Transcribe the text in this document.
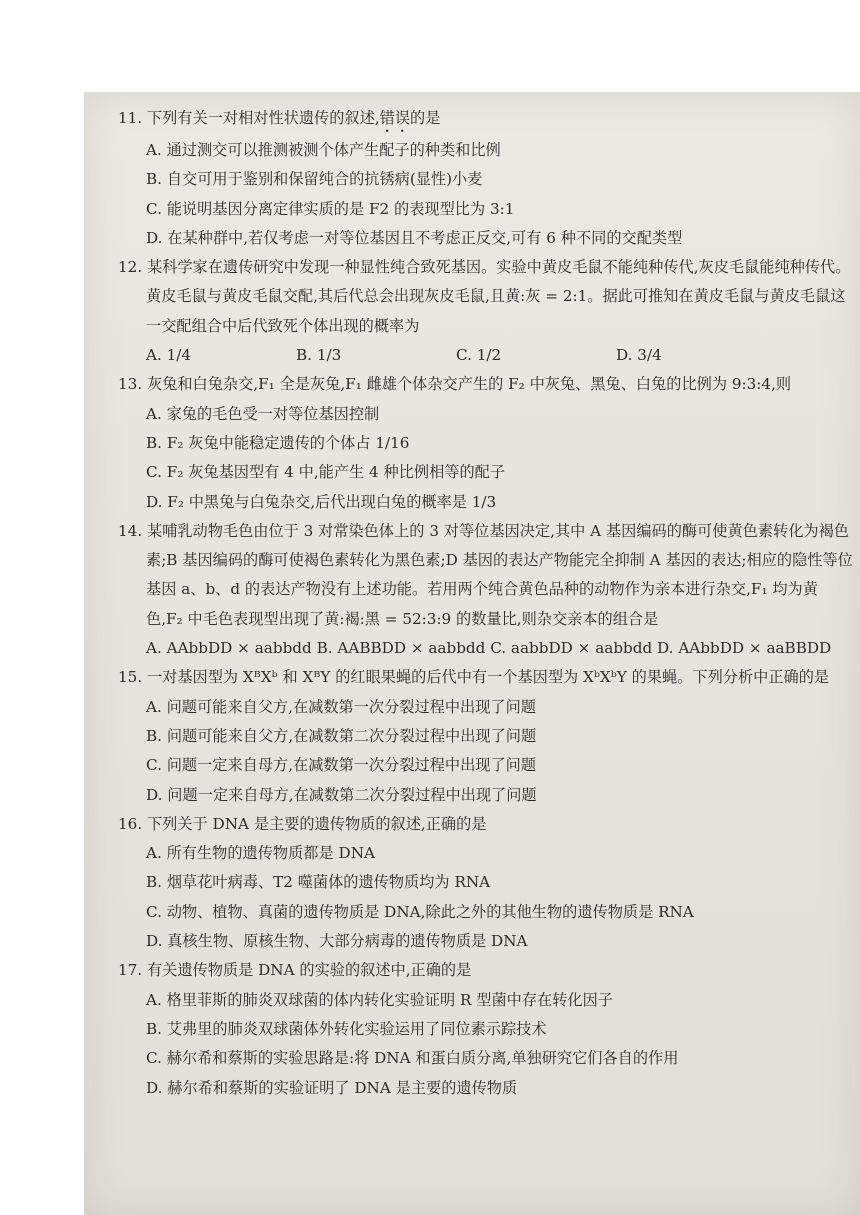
11. 下列有关一对相对性状遗传的叙述,错误的是
A. 通过测交可以推测被测个体产生配子的种类和比例
B. 自交可用于鉴别和保留纯合的抗锈病(显性)小麦
C. 能说明基因分离定律实质的是 F2 的表现型比为 3:1
D. 在某种群中,若仅考虑一对等位基因且不考虑正反交,可有 6 种不同的交配类型
12. 某科学家在遗传研究中发现一种显性纯合致死基因。实验中黄皮毛鼠不能纯种传代,灰皮毛鼠能纯种传代。黄皮毛鼠与黄皮毛鼠交配,其后代总会出现灰皮毛鼠,且黄:灰 = 2:1。据此可推知在黄皮毛鼠与黄皮毛鼠这一交配组合中后代致死个体出现的概率为
A. 1/4	B. 1/3	C. 1/2	D. 3/4
13. 灰兔和白兔杂交,F₁ 全是灰兔,F₁ 雌雄个体杂交产生的 F₂ 中灰兔、黑兔、白兔的比例为 9:3:4,则
A. 家兔的毛色受一对等位基因控制
B. F₂ 灰兔中能稳定遗传的个体占 1/16
C. F₂ 灰兔基因型有 4 中,能产生 4 种比例相等的配子
D. F₂ 中黑兔与白兔杂交,后代出现白兔的概率是 1/3
14. 某哺乳动物毛色由位于 3 对常染色体上的 3 对等位基因决定,其中 A 基因编码的酶可使黄色素转化为褐色素;B 基因编码的酶可使褐色素转化为黑色素;D 基因的表达产物能完全抑制 A 基因的表达;相应的隐性等位基因 a、b、d 的表达产物没有上述功能。若用两个纯合黄色品种的动物作为亲本进行杂交,F₁ 均为黄色,F₂ 中毛色表现型出现了黄:褐:黑 = 52:3:9 的数量比,则杂交亲本的组合是
A. AAbbDD × aabbdd B. AABBDD × aabbdd C. aabbDD × aabbdd D. AAbbDD × aaBBDD
15. 一对基因型为 XᴮXᵇ 和 XᴮY 的红眼果蝇的后代中有一个基因型为 XᵇXᵇY 的果蝇。下列分析中正确的是
A. 问题可能来自父方,在减数第一次分裂过程中出现了问题
B. 问题可能来自父方,在减数第二次分裂过程中出现了问题
C. 问题一定来自母方,在减数第一次分裂过程中出现了问题
D. 问题一定来自母方,在减数第二次分裂过程中出现了问题
16. 下列关于 DNA 是主要的遗传物质的叙述,正确的是
A. 所有生物的遗传物质都是 DNA
B. 烟草花叶病毒、T2 噬菌体的遗传物质均为 RNA
C. 动物、植物、真菌的遗传物质是 DNA,除此之外的其他生物的遗传物质是 RNA
D. 真核生物、原核生物、大部分病毒的遗传物质是 DNA
17. 有关遗传物质是 DNA 的实验的叙述中,正确的是
A. 格里菲斯的肺炎双球菌的体内转化实验证明 R 型菌中存在转化因子
B. 艾弗里的肺炎双球菌体外转化实验运用了同位素示踪技术
C. 赫尔希和蔡斯的实验思路是:将 DNA 和蛋白质分离,单独研究它们各自的作用
D. 赫尔希和蔡斯的实验证明了 DNA 是主要的遗传物质
